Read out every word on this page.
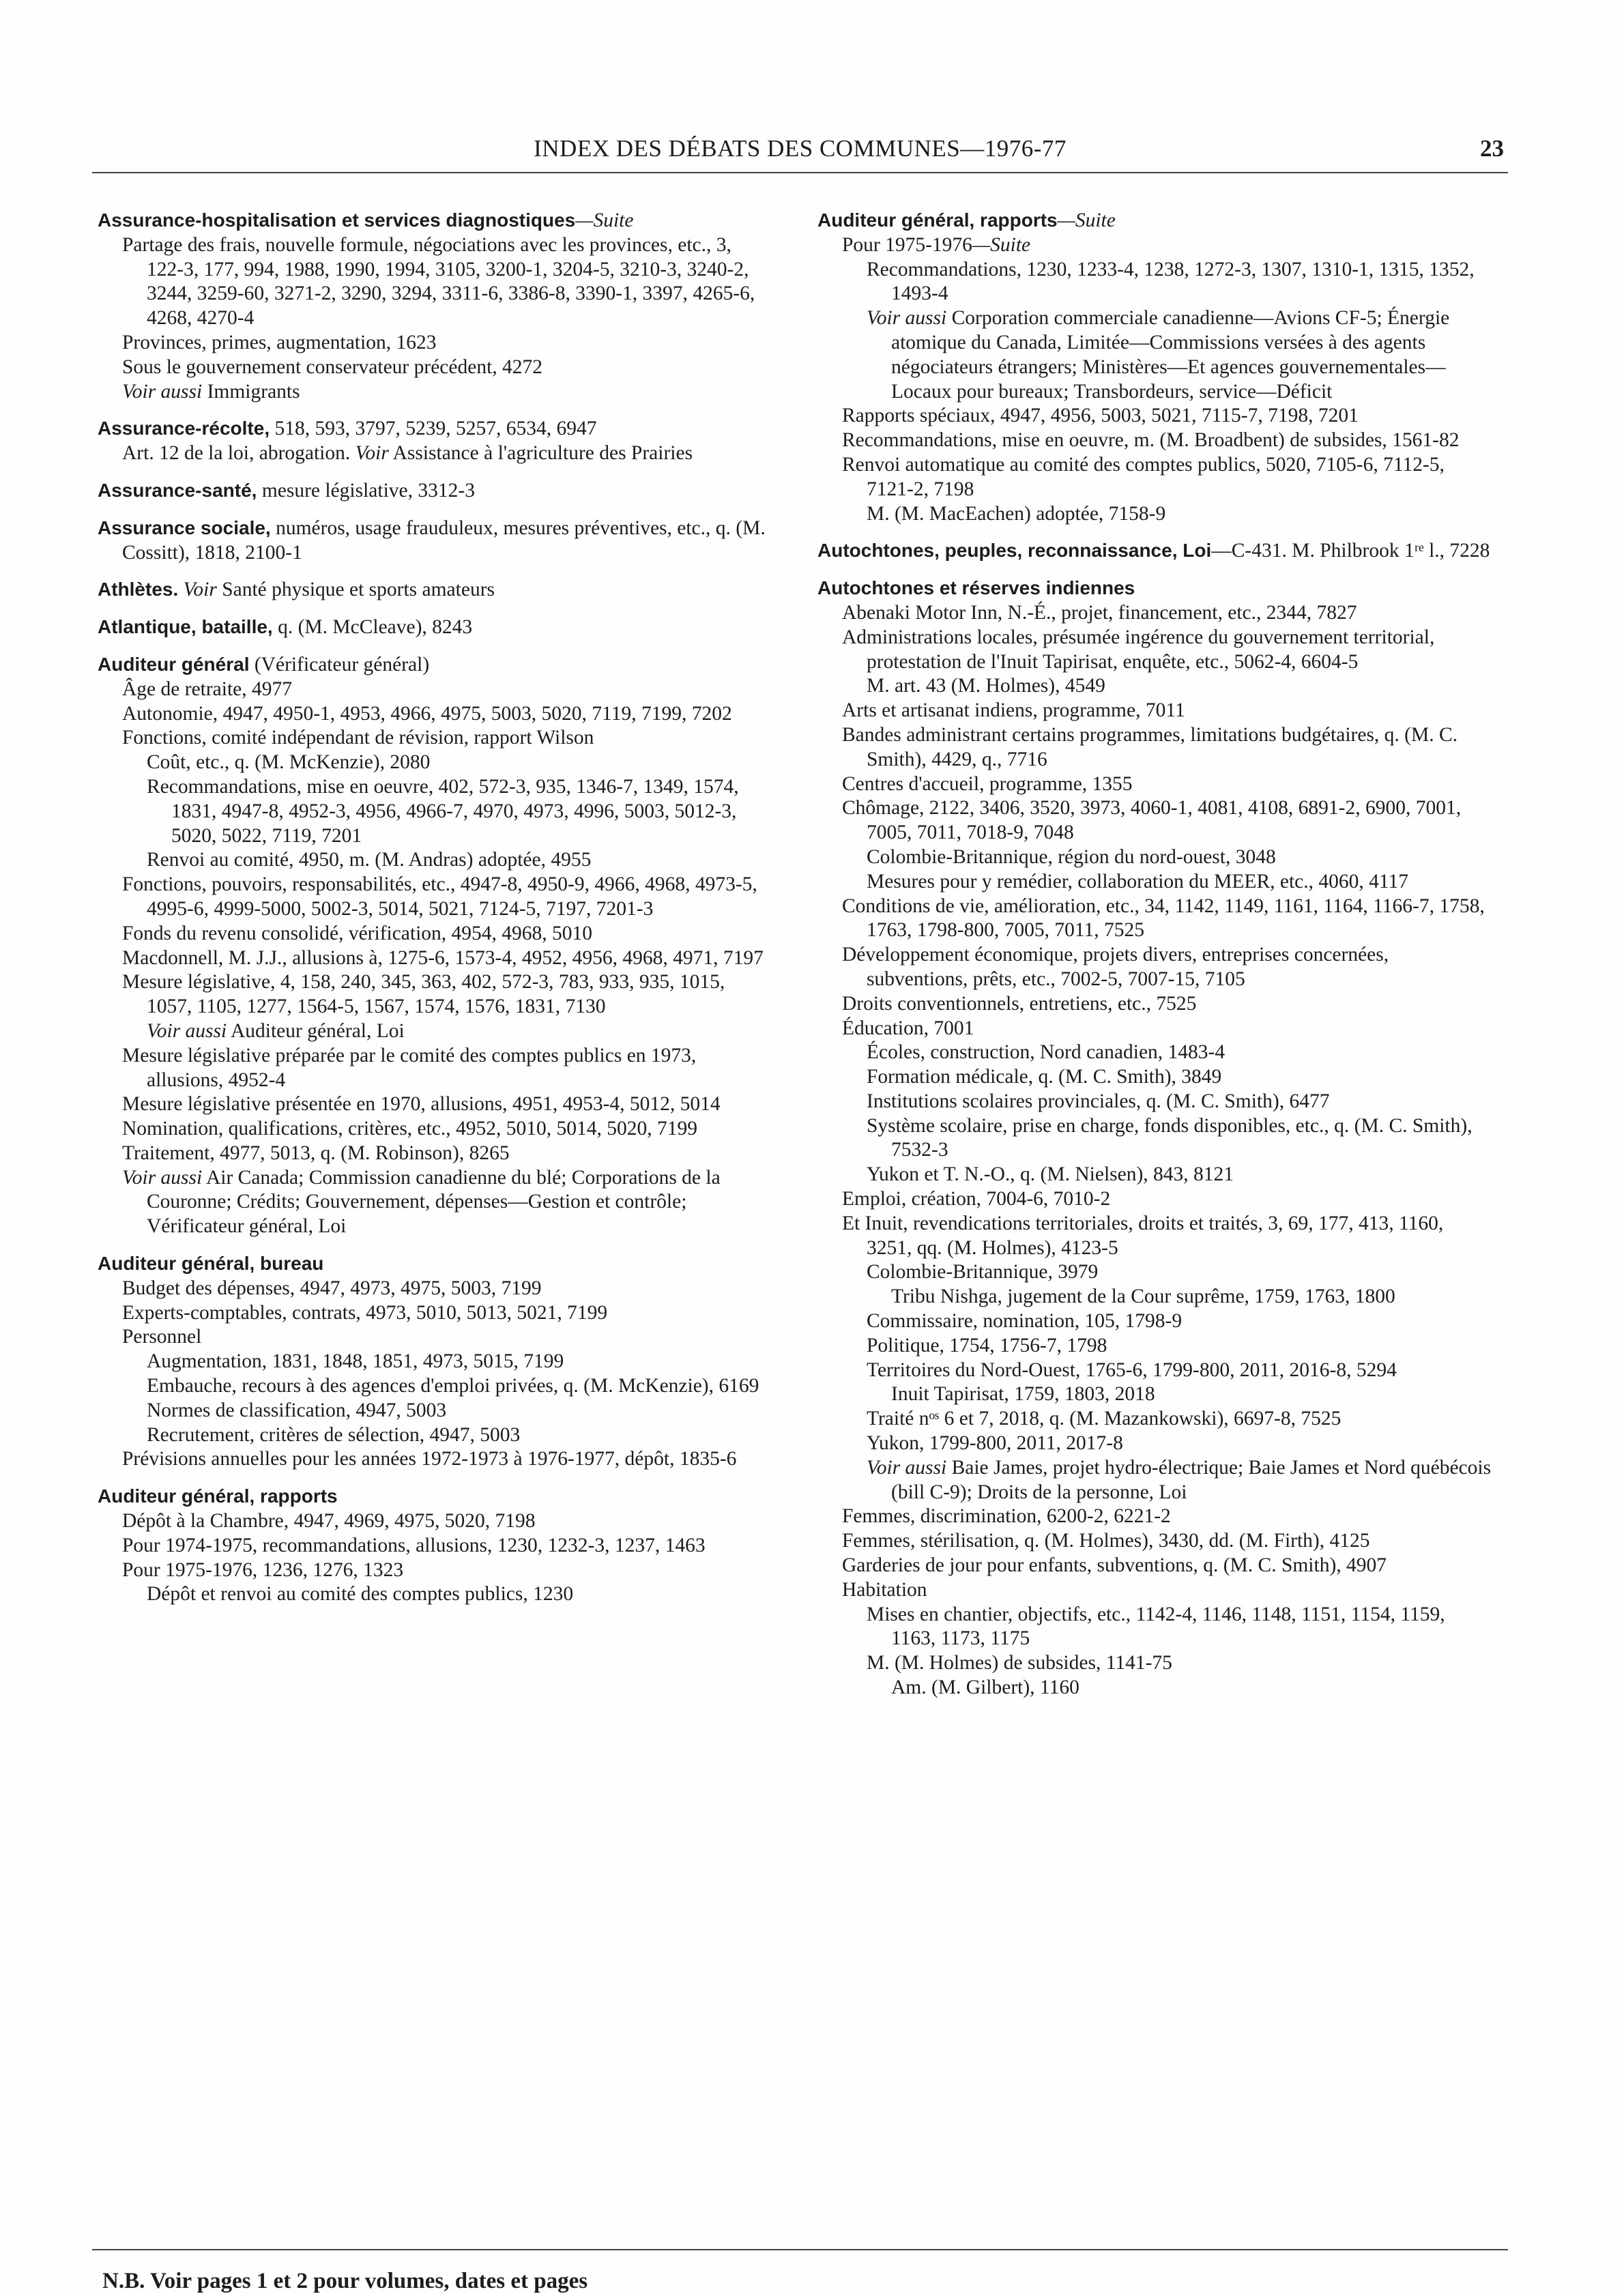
INDEX DES DÉBATS DES COMMUNES—1976-77	23
Assurance-hospitalisation et services diagnostiques—Suite
Partage des frais, nouvelle formule, négociations avec les provinces, etc., 3, 122-3, 177, 994, 1988, 1990, 1994, 3105, 3200-1, 3204-5, 3210-3, 3240-2, 3244, 3259-60, 3271-2, 3290, 3294, 3311-6, 3386-8, 3390-1, 3397, 4265-6, 4268, 4270-4
Provinces, primes, augmentation, 1623
Sous le gouvernement conservateur précédent, 4272
Voir aussi Immigrants
Assurance-récolte, 518, 593, 3797, 5239, 5257, 6534, 6947
Art. 12 de la loi, abrogation. Voir Assistance à l'agriculture des Prairies
Assurance-santé, mesure législative, 3312-3
Assurance sociale, numéros, usage frauduleux, mesures préventives, etc., q. (M. Cossitt), 1818, 2100-1
Athlètes. Voir Santé physique et sports amateurs
Atlantique, bataille, q. (M. McCleave), 8243
Auditeur général (Vérificateur général)
Âge de retraite, 4977
Autonomie, 4947, 4950-1, 4953, 4966, 4975, 5003, 5020, 7119, 7199, 7202
Fonctions, comité indépendant de révision, rapport Wilson
Coût, etc., q. (M. McKenzie), 2080
Recommandations, mise en oeuvre, 402, 572-3, 935, 1346-7, 1349, 1574, 1831, 4947-8, 4952-3, 4956, 4966-7, 4970, 4973, 4996, 5003, 5012-3, 5020, 5022, 7119, 7201
Renvoi au comité, 4950, m. (M. Andras) adoptée, 4955
Fonctions, pouvoirs, responsabilités, etc., 4947-8, 4950-9, 4966, 4968, 4973-5, 4995-6, 4999-5000, 5002-3, 5014, 5021, 7124-5, 7197, 7201-3
Fonds du revenu consolidé, vérification, 4954, 4968, 5010
Macdonnell, M. J.J., allusions à, 1275-6, 1573-4, 4952, 4956, 4968, 4971, 7197
Mesure législative, 4, 158, 240, 345, 363, 402, 572-3, 783, 933, 935, 1015, 1057, 1105, 1277, 1564-5, 1567, 1574, 1576, 1831, 7130
Voir aussi Auditeur général, Loi
Mesure législative préparée par le comité des comptes publics en 1973, allusions, 4952-4
Mesure législative présentée en 1970, allusions, 4951, 4953-4, 5012, 5014
Nomination, qualifications, critères, etc., 4952, 5010, 5014, 5020, 7199
Traitement, 4977, 5013, q. (M. Robinson), 8265
Voir aussi Air Canada; Commission canadienne du blé; Corporations de la Couronne; Crédits; Gouvernement, dépenses—Gestion et contrôle; Vérificateur général, Loi
Auditeur général, bureau
Budget des dépenses, 4947, 4973, 4975, 5003, 7199
Experts-comptables, contrats, 4973, 5010, 5013, 5021, 7199
Personnel
Augmentation, 1831, 1848, 1851, 4973, 5015, 7199
Embauche, recours à des agences d'emploi privées, q. (M. McKenzie), 6169
Normes de classification, 4947, 5003
Recrutement, critères de sélection, 4947, 5003
Prévisions annuelles pour les années 1972-1973 à 1976-1977, dépôt, 1835-6
Auditeur général, rapports
Dépôt à la Chambre, 4947, 4969, 4975, 5020, 7198
Pour 1974-1975, recommandations, allusions, 1230, 1232-3, 1237, 1463
Pour 1975-1976, 1236, 1276, 1323
Dépôt et renvoi au comité des comptes publics, 1230
Auditeur général, rapports—Suite
Pour 1975-1976—Suite
Recommandations, 1230, 1233-4, 1238, 1272-3, 1307, 1310-1, 1315, 1352, 1493-4
Voir aussi Corporation commerciale canadienne—Avions CF-5; Énergie atomique du Canada, Limitée—Commissions versées à des agents négociateurs étrangers; Ministères—Et agences gouvernementales—Locaux pour bureaux; Transbordeurs, service—Déficit
Rapports spéciaux, 4947, 4956, 5003, 5021, 7115-7, 7198, 7201
Recommandations, mise en oeuvre, m. (M. Broadbent) de subsides, 1561-82
Renvoi automatique au comité des comptes publics, 5020, 7105-6, 7112-5, 7121-2, 7198
M. (M. MacEachen) adoptée, 7158-9
Autochtones, peuples, reconnaissance, Loi—C-431. M. Philbrook 1ʳᵉ l., 7228
Autochtones et réserves indiennes
Abenaki Motor Inn, N.-É., projet, financement, etc., 2344, 7827
Administrations locales, présumée ingérence du gouvernement territorial, protestation de l'Inuit Tapirisat, enquête, etc., 5062-4, 6604-5
M. art. 43 (M. Holmes), 4549
Arts et artisanat indiens, programme, 7011
Bandes administrant certains programmes, limitations budgétaires, q. (M. C. Smith), 4429, q., 7716
Centres d'accueil, programme, 1355
Chômage, 2122, 3406, 3520, 3973, 4060-1, 4081, 4108, 6891-2, 6900, 7001, 7005, 7011, 7018-9, 7048
Colombie-Britannique, région du nord-ouest, 3048
Mesures pour y remédier, collaboration du MEER, etc., 4060, 4117
Conditions de vie, amélioration, etc., 34, 1142, 1149, 1161, 1164, 1166-7, 1758, 1763, 1798-800, 7005, 7011, 7525
Développement économique, projets divers, entreprises concernées, subventions, prêts, etc., 7002-5, 7007-15, 7105
Droits conventionnels, entretiens, etc., 7525
Éducation, 7001
Écoles, construction, Nord canadien, 1483-4
Formation médicale, q. (M. C. Smith), 3849
Institutions scolaires provinciales, q. (M. C. Smith), 6477
Système scolaire, prise en charge, fonds disponibles, etc., q. (M. C. Smith), 7532-3
Yukon et T. N.-O., q. (M. Nielsen), 843, 8121
Emploi, création, 7004-6, 7010-2
Et Inuit, revendications territoriales, droits et traités, 3, 69, 177, 413, 1160, 3251, qq. (M. Holmes), 4123-5
Colombie-Britannique, 3979
Tribu Nishga, jugement de la Cour suprême, 1759, 1763, 1800
Commissaire, nomination, 105, 1798-9
Politique, 1754, 1756-7, 1798
Territoires du Nord-Ouest, 1765-6, 1799-800, 2011, 2016-8, 5294
Inuit Tapirisat, 1759, 1803, 2018
Traité nᵒˢ 6 et 7, 2018, q. (M. Mazankowski), 6697-8, 7525
Yukon, 1799-800, 2011, 2017-8
Voir aussi Baie James, projet hydro-électrique; Baie James et Nord québécois (bill C-9); Droits de la personne, Loi
Femmes, discrimination, 6200-2, 6221-2
Femmes, stérilisation, q. (M. Holmes), 3430, dd. (M. Firth), 4125
Garderies de jour pour enfants, subventions, q. (M. C. Smith), 4907
Habitation
Mises en chantier, objectifs, etc., 1142-4, 1146, 1148, 1151, 1154, 1159, 1163, 1173, 1175
M. (M. Holmes) de subsides, 1141-75
Am. (M. Gilbert), 1160
N.B. Voir pages 1 et 2 pour volumes, dates et pages
